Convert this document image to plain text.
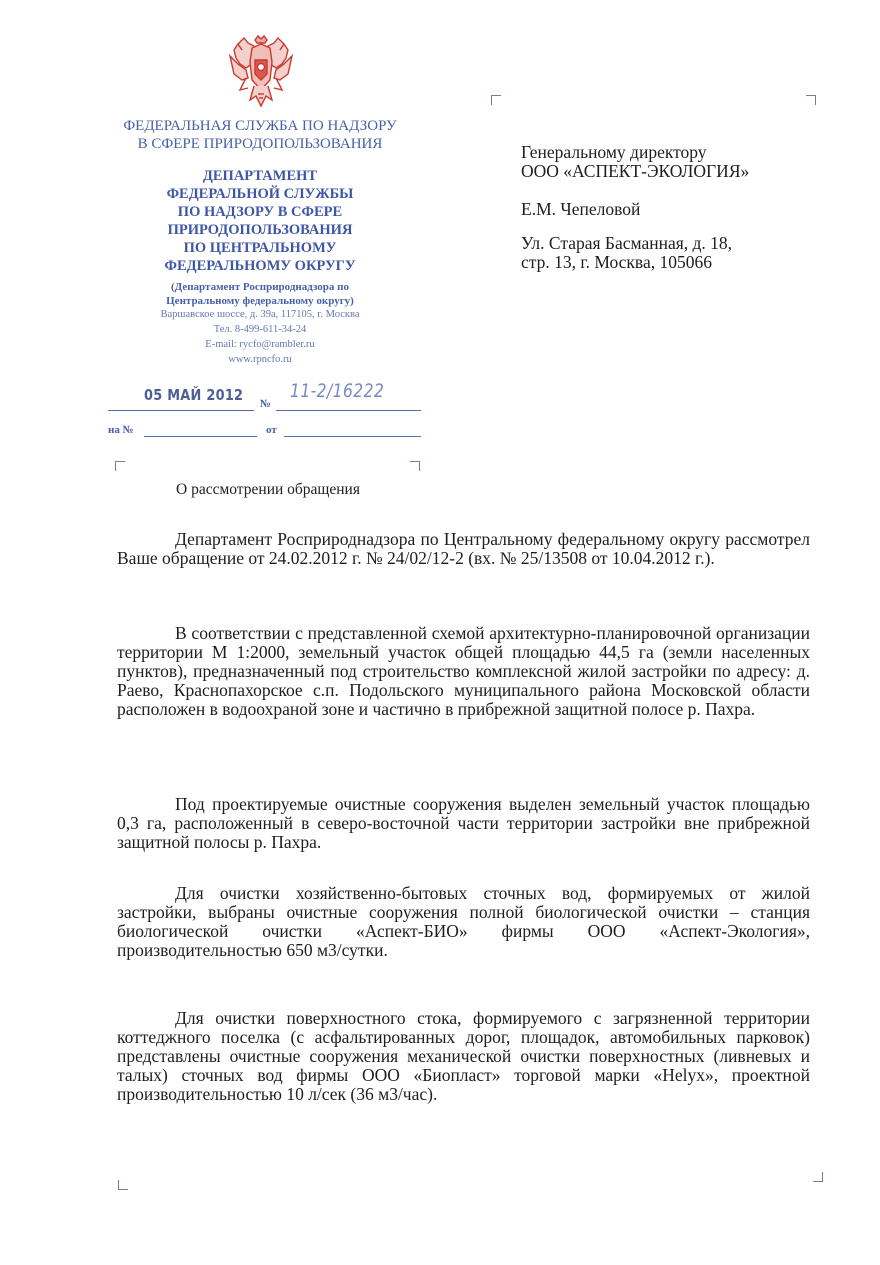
ФЕДЕРАЛЬНАЯ СЛУЖБА ПО НАДЗОРУ
В СФЕРЕ ПРИРОДОПОЛЬЗОВАНИЯ
ДЕПАРТАМЕНТ
ФЕДЕРАЛЬНОЙ СЛУЖБЫ
ПО НАДЗОРУ В СФЕРЕ
ПРИРОДОПОЛЬЗОВАНИЯ
ПО ЦЕНТРАЛЬНОМУ
ФЕДЕРАЛЬНОМУ ОКРУГУ
(Департамент Росприроднадзора по
Центральному федеральному округу)
Варшавское шоссе, д. 39а, 117105, г. Москва
Тел. 8-499-611-34-24
E-mail: rycfo@rambler.ru
www.rpncfo.ru
05 МАЙ 2012 №
11-2/16222
на №	от
Генеральному директору
ООО «АСПЕКТ-ЭКОЛОГИЯ»
Е.М. Чепеловой
Ул. Старая Басманная, д. 18,
стр. 13, г. Москва, 105066
О рассмотрении обращения

Департамент Росприроднадзора по Центральному федеральному округу рассмотрел Ваше обращение от 24.02.2012 г. № 24/02/12-2 (вх. № 25/13508 от 10.04.2012 г.).

В соответствии с представленной схемой архитектурно-планировочной организации территории М 1:2000, земельный участок общей площадью 44,5 га (земли населенных пунктов), предназначенный под строительство комплексной жилой застройки по адресу: д. Раево, Краснопахорское с.п. Подольского муниципального района Московской области расположен в водоохраной зоне и частично в прибрежной защитной полосе р. Пахра.

Под проектируемые очистные сооружения выделен земельный участок площадью 0,3 га, расположенный в северо-восточной части территории застройки вне прибрежной защитной полосы р. Пахра.

Для очистки хозяйственно-бытовых сточных вод, формируемых от жилой застройки, выбраны очистные сооружения полной биологической очистки – станция биологической очистки «Аспект-БИО» фирмы ООО «Аспект-Экология», производительностью 650 м3/сутки.

Для очистки поверхностного стока, формируемого с загрязненной территории коттеджного поселка (с асфальтированных дорог, площадок, автомобильных парковок) представлены очистные сооружения механической очистки поверхностных (ливневых и талых) сточных вод фирмы ООО «Биопласт» торговой марки «Helyx», проектной производительностью 10 л/сек (36 м3/час).
